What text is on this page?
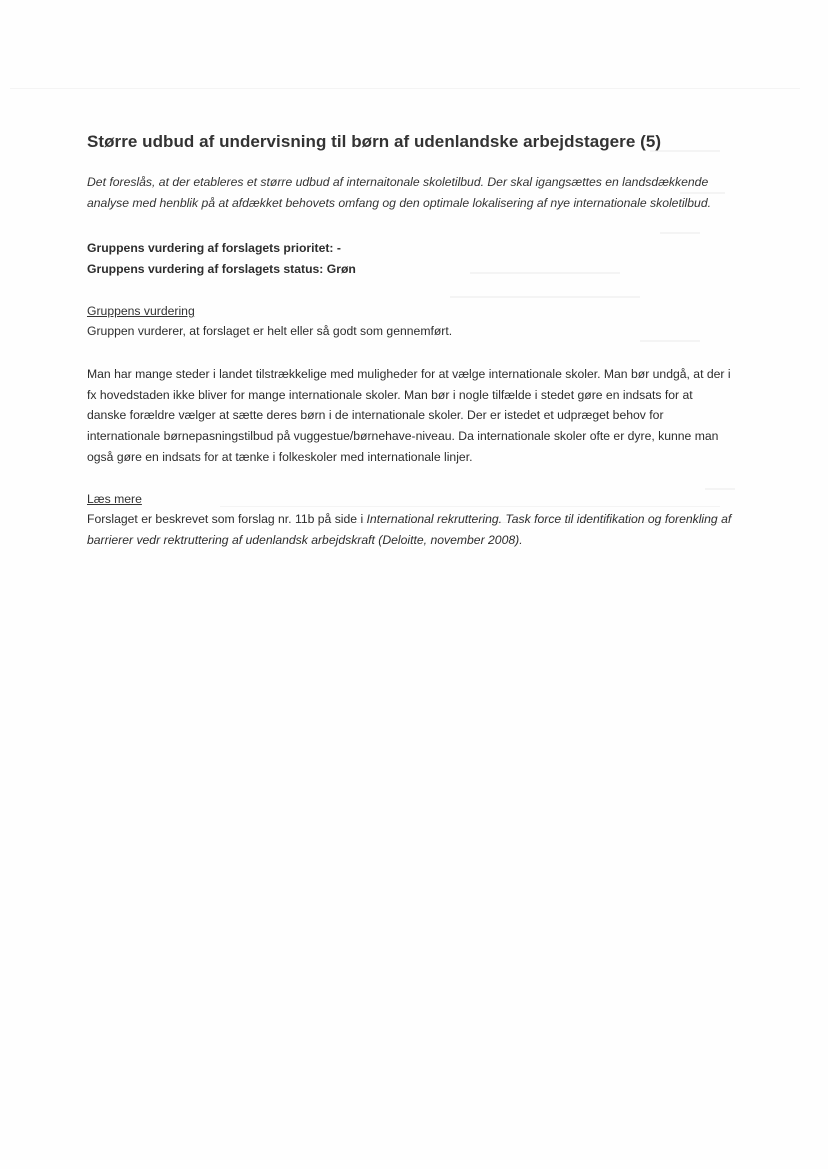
Større udbud af undervisning til børn af udenlandske arbejdstagere (5)

Det foreslås, at der etableres et større udbud af internaitonale skoletilbud. Der skal igangsættes en landsdækkende analyse med henblik på at afdækket behovets omfang og den optimale lokalisering af nye internationale skoletilbud.

Gruppens vurdering af forslagets prioritet: -
Gruppens vurdering af forslagets status: Grøn
Gruppens vurdering

Gruppen vurderer, at forslaget er helt eller så godt som gennemført.

Man har mange steder i landet tilstrækkelige med muligheder for at vælge internationale skoler. Man bør undgå, at der i fx hovedstaden ikke bliver for mange internationale skoler. Man bør i nogle tilfælde i stedet gøre en indsats for at danske forældre vælger at sætte deres børn i de internationale skoler. Der er istedet et udpræget behov for internationale børnepasningstilbud på vuggestue/børnehave-niveau. Da internationale skoler ofte er dyre, kunne man også gøre en indsats for at tænke i folkeskoler med internationale linjer.

Læs mere

Forslaget er beskrevet som forslag nr. 11b på side i International rekruttering. Task force til identifikation og forenkling af barrierer vedr rektruttering af udenlandsk arbejdskraft (Deloitte, november 2008).
